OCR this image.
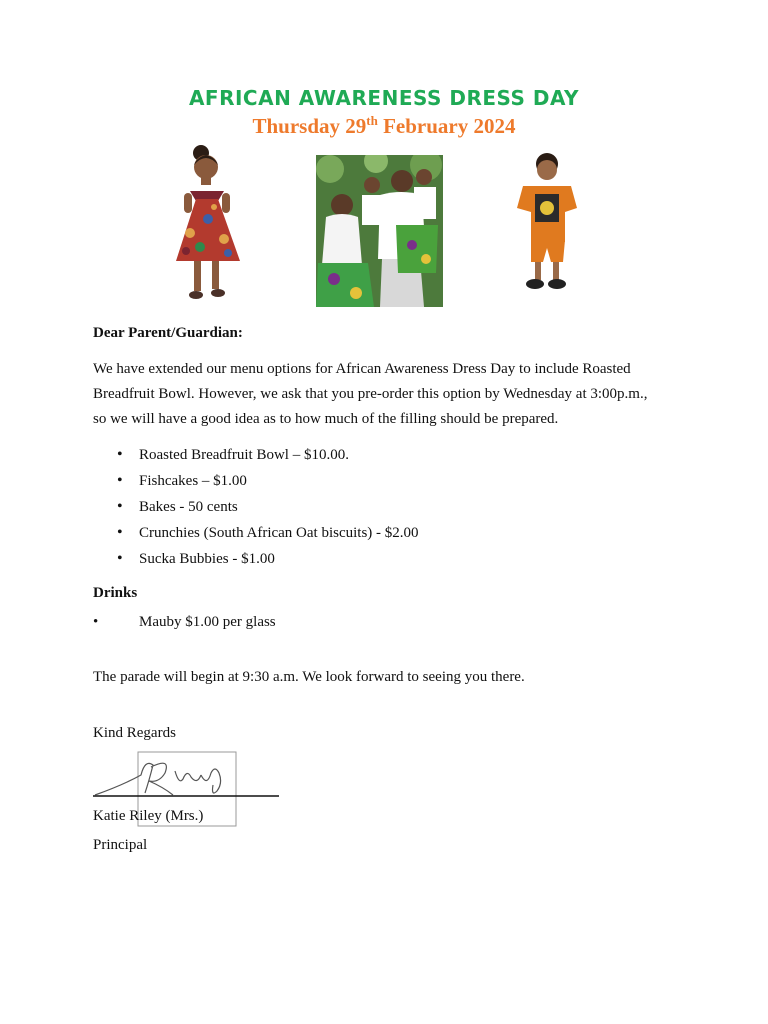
AFRICAN AWARENESS DRESS DAY
Thursday 29th February 2024
Dear Parent/Guardian:
We have extended our menu options for African Awareness Dress Day to include Roasted
Breadfruit Bowl. However, we ask that you pre-order this option by Wednesday at 3:00p.m.,
so we will have a good idea as to how much of the filling should be prepared.
• Roasted Breadfruit Bowl – $10.00.
• Fishcakes – $1.00
• Bakes - 50 cents
• Crunchies (South African Oat biscuits) - $2.00
• Sucka Bubbies - $1.00
Drinks
•	Mauby $1.00 per glass
The parade will begin at 9:30 a.m. We look forward to seeing you there.
Kind Regards
Katie Riley (Mrs.)
Principal
